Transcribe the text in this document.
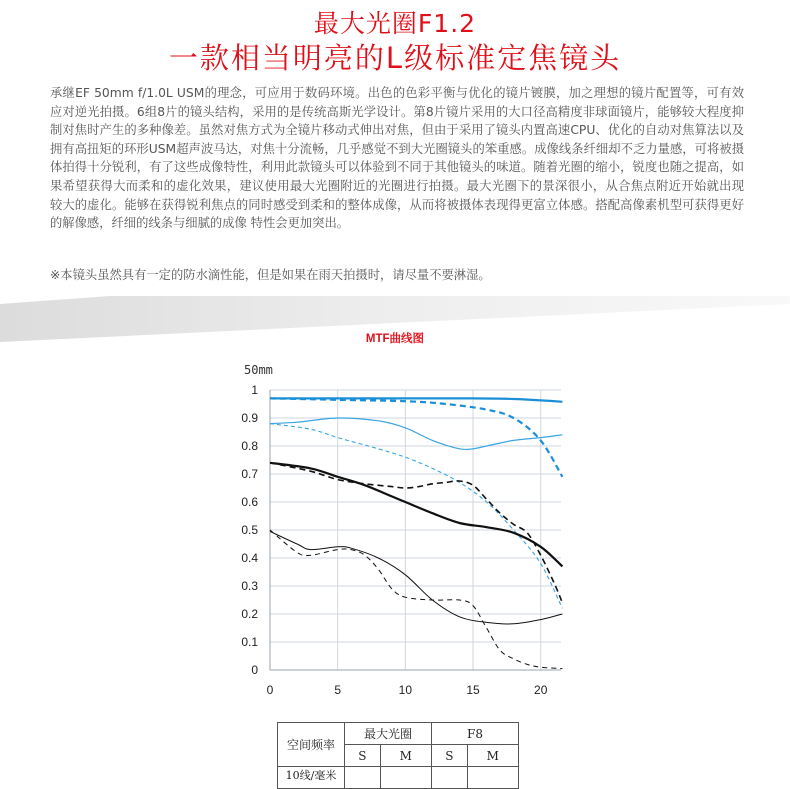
最大光圈F1.2
一款相当明亮的L级标准定焦镜头

承继EF 50mm f/1.0L USM的理念，可应用于数码环境。出色的色彩平衡与优化的镜片镀膜，加之理想的镜片配置等，可有效应对逆光拍摄。6组8片的镜头结构，采用的是传统高斯光学设计。第8片镜片采用的大口径高精度非球面镜片，能够较大程度抑制对焦时产生的多种像差。虽然对焦方式为全镜片移动式伸出对焦，但由于采用了镜头内置高速CPU、优化的自动对焦算法以及拥有高扭矩的环形USM超声波马达，对焦十分流畅，几乎感觉不到大光圈镜头的笨重感。成像线条纤细却不乏力量感，可将被摄体拍得十分锐利，有了这些成像特性，利用此款镜头可以体验到不同于其他镜头的味道。随着光圈的缩小，锐度也随之提高，如果希望获得大而柔和的虚化效果，建议使用最大光圈附近的光圈进行拍摄。最大光圈下的景深很小，从合焦点附近开始就出现　较大的虚化。能够在获得锐利焦点的同时感受到柔和的整体成像，从而将被摄体表现得更富立体感。搭配高像素机型可获得更好的解像感，纤细的线条与细腻的成像 特性会更加突出。

※本镜头虽然具有一定的防水滴性能，但是如果在雨天拍摄时，请尽量不要淋湿。

MTF曲线图
50mm
0
0.1
0.2
0.3
0.4
0.5
0.6
0.7
0.8
0.9
1
0	5	10	15	20
空间频率	最大光圈		F8	
	S	M	S	M
10线/毫米				
